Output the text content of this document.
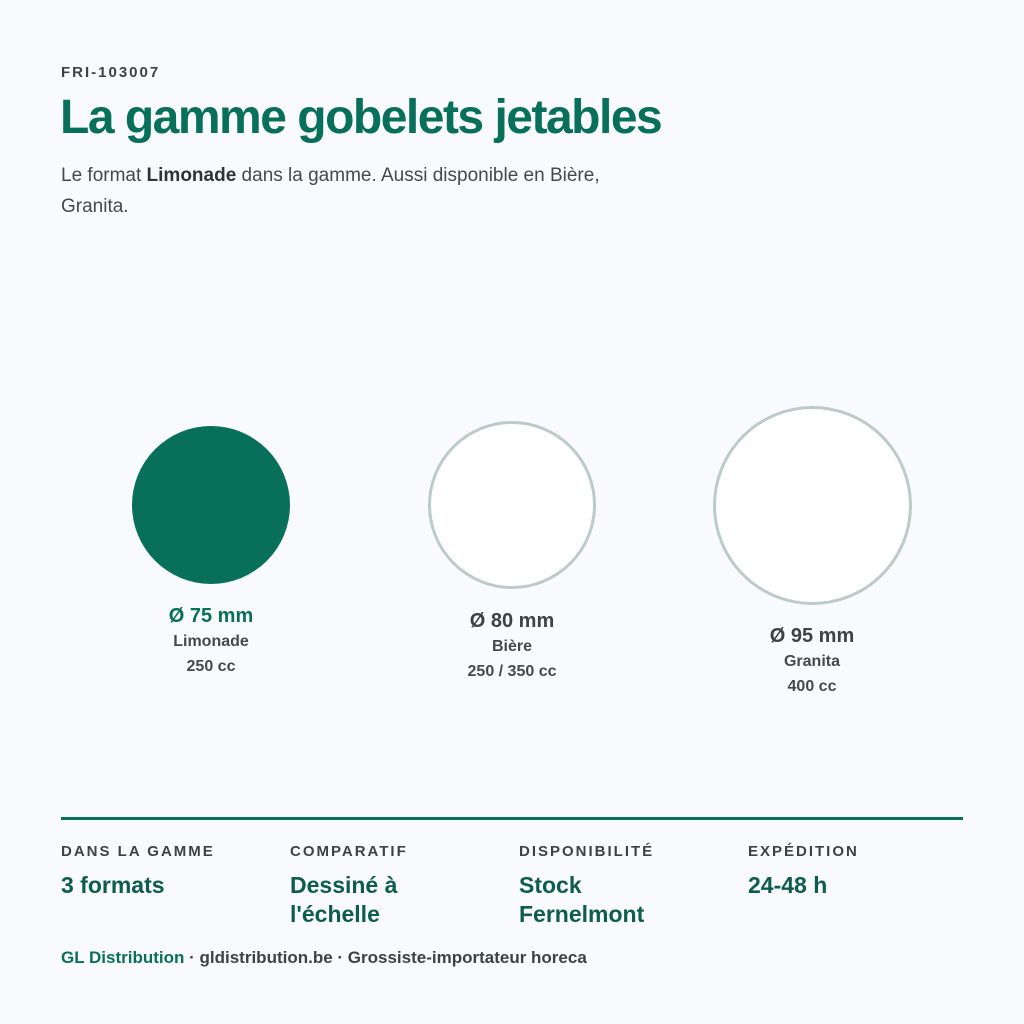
FRI-103007
La gamme gobelets jetables

Le format Limonade dans la gamme. Aussi disponible en Bière, Granita.

Ø 75 mm
Limonade
250 cc
Ø 80 mm
Bière
250 / 350 cc
Ø 95 mm
Granita
400 cc
DANS LA GAMME
3 formats
COMPARATIF
Dessiné à l'échelle
DISPONIBILITÉ
Stock Fernelmont
EXPÉDITION
24-48 h
GL Distribution · gldistribution.be · Grossiste-importateur horeca
